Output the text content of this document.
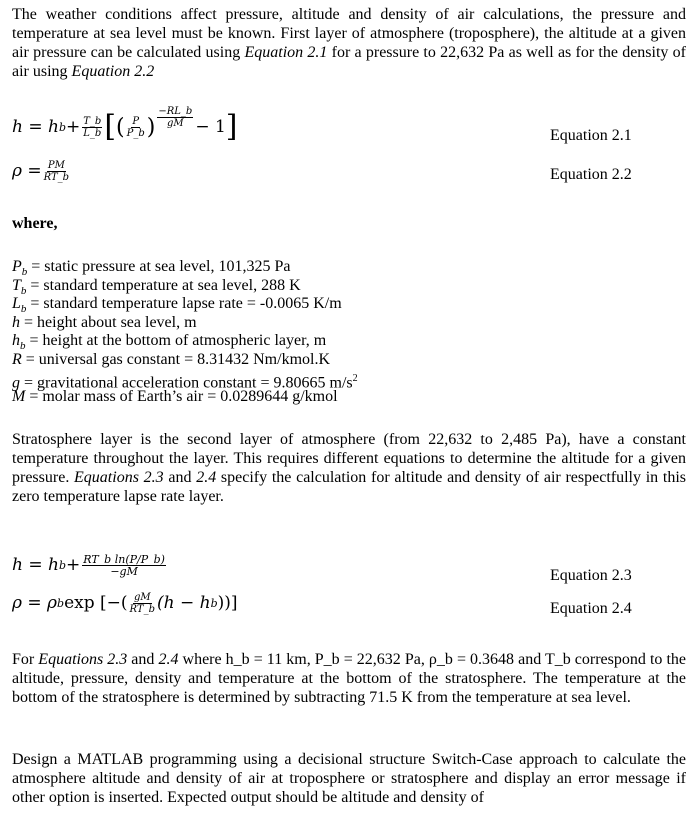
The weather conditions affect pressure, altitude and density of air calculations, the pressure and temperature at sea level must be known. First layer of atmosphere (troposphere), the altitude at a given air pressure can be calculated using Equation 2.1 for a pressure to 22,632 Pa as well as for the density of air using Equation 2.2

h = h $b + \frac{T\_b}{L\_b}$ [ ( $\frac{P}{P\_b}$ ) $\frac{-RL\_b}{gM} - 1$ ]	Equation 2.1
$\rho = \frac{PM}{RT\_b}$	Equation 2.2
where,
$P_b$ = static pressure at sea level, 101,325 Pa
$T_b$ = standard temperature at sea level, 288 K
$L_b$ = standard temperature lapse rate = -0.0065 K/m
h = height about sea level, m
$h_b$ = height at the bottom of atmospheric layer, m
R = universal gas constant = 8.31432 Nm/kmol.K
g = gravitational acceleration constant = 9.80665 $m/s^2$
M = molar mass of Earth’s air = 0.0289644 g/kmol

Stratosphere layer is the second layer of atmosphere (from 22,632 to 2,485 Pa), have a constant temperature throughout the layer. This requires different equations to determine the altitude for a given pressure. Equations 2.3 and 2.4 specify the calculation for altitude and density of air respectfully in this zero temperature lapse rate layer.

h = h $b + \frac{\text{RT\_b ln(P/P\_b)}}{-gM}$	Equation 2.3
ρ = ρ b exp
[−( $\frac{gM}{RT\_b} (h - h$ b ))]	Equation 2.4

For Equations 2.3 and 2.4 where h_b = 11 km, P_b = 22,632 Pa, ρ_b = 0.3648 and T_b correspond to the altitude, pressure, density and temperature at the bottom of the stratosphere. The temperature at the bottom of the stratosphere is determined by subtracting 71.5 K from the temperature at sea level.

Design a MATLAB programming using a decisional structure Switch-Case approach to calculate the atmosphere altitude and density of air at troposphere or stratosphere and display an error message if other option is inserted. Expected output should be altitude and density of
